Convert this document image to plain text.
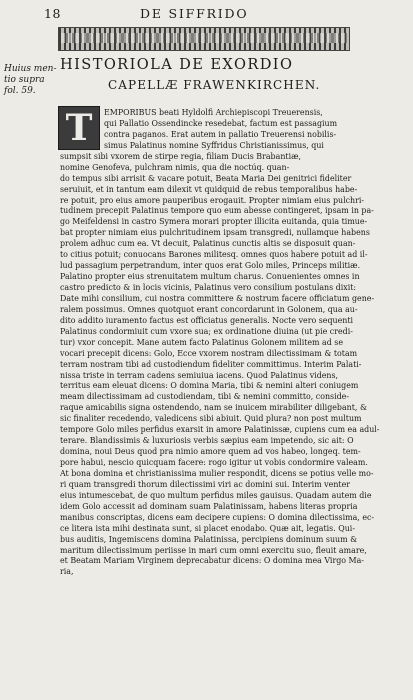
18	DE SIFFRIDO
Huius men-
tio supra
fol. 59.
HISTORIOLA DE EXORDIO
CAPELLÆ FRAWENKIRCHEN.
T	EMPORIBUS beati Hyldolfi Archiepiscopi Treuerensis,
qui Pallatio Ossendincke resedebat, factum est passagium
contra paganos. Erat autem in pallatio Treuerensi nobilis-
simus Palatinus nomine Syffridus Christianissimus, qui
sumpsit sibi vxorem de stirpe regia, filiam Ducis Brabantiæ,
nomine Genofeva, pulchram nimis, qua die noctúq. quan-
do tempus sibi arrisit & vacare potuit, Beata Maria Dei genitrici fideliter
seruiuit, et in tantum eam dilexit vt quidquid de rebus temporalibus habe-
re potuit, pro eius amore pauperibus erogauit. Propter nimiam eius pulchri-
tudinem precepit Palatinus tempore quo eum abesse contingeret, ipsam in pa-
go Meifeldensi in castro Symera morari propter illicita euitanda, quia timue-
bat propter nimiam eius pulchritudinem ipsam transgredi, nullamque habens
prolem adhuc cum ea. Vt decuit, Palatinus cunctis altis se disposuit quan-
to citius potuit; conuocans Barones militesq. omnes quos habere potuit ad il-
lud passagium perpetrandum, inter quos erat Golo miles, Princeps militiæ.
Palatino propter eius strenuitatem multum charus. Conuenientes omnes in
castro predicto & in locis vicinis, Palatinus vero consilium postulans dixit:
Date mihi consilium, cui nostra committere & nostrum facere officiatum gene-
ralem possimus. Omnes quotquot erant concordarunt in Golonem, qua au-
dito addito iuramento factus est officiatus generalis. Nocte vero sequenti
Palatinus condormiuit cum vxore sua; ex ordinatione diuina (ut pie credi-
tur) vxor concepit. Mane autem facto Palatinus Golonem militem ad se
vocari precepit dicens: Golo, Ecce vxorem nostram dilectissimam & totam
terram nostram tibi ad custodiendum fideliter committimus. Interim Palati-
nissa triste in terram cadens semiuiua iacens. Quod Palatinus videns,
territus eam eleuat dicens: O domina Maria, tibi & nemini alteri coniugem
meam dilectissimam ad custodiendam, tibi & nemini committo, conside-
raque amicabilis signa ostendendo, nam se inuicem mirabiliter diligebant, &
sic finaliter recedendo, valedicens sibi abiuit. Quid plura? non post multum
tempore Golo miles perfidus exarsit in amore Palatinissæ, cupiens cum ea adul-
terare. Blandissimis & luxuriosis verbis sæpius eam impetendo, sic ait: O
domina, noui Deus quod pra nimio amore quem ad vos habeo, longeq. tem-
pore habui, nescio quicquam facere: rogo igitur ut vobis condormire valeam.
At bona domina et christianissima mulier respondit, dicens se potius velle mo-
ri quam transgredi thorum dilectissimi viri ac domini sui. Interim venter
eius intumescebat, de quo multum perfidus miles gauisus. Quadam autem die
idem Golo accessit ad dominam suam Palatinissam, habens literas propria
manibus conscriptas, dicens eam decipere cupiens: O domina dilectissima, ec-
ce litera ista mihi destinata sunt, si placet enodabo. Quæ ait, legatis. Qui-
bus auditis, Ingemiscens domina Palatinissa, percipiens dominum suum &
maritum dilectissimum periisse in mari cum omni exercitu suo, fleuit amare,
et Beatam Mariam Virginem deprecabatur dicens: O domina mea Virgo Ma-
ria,
